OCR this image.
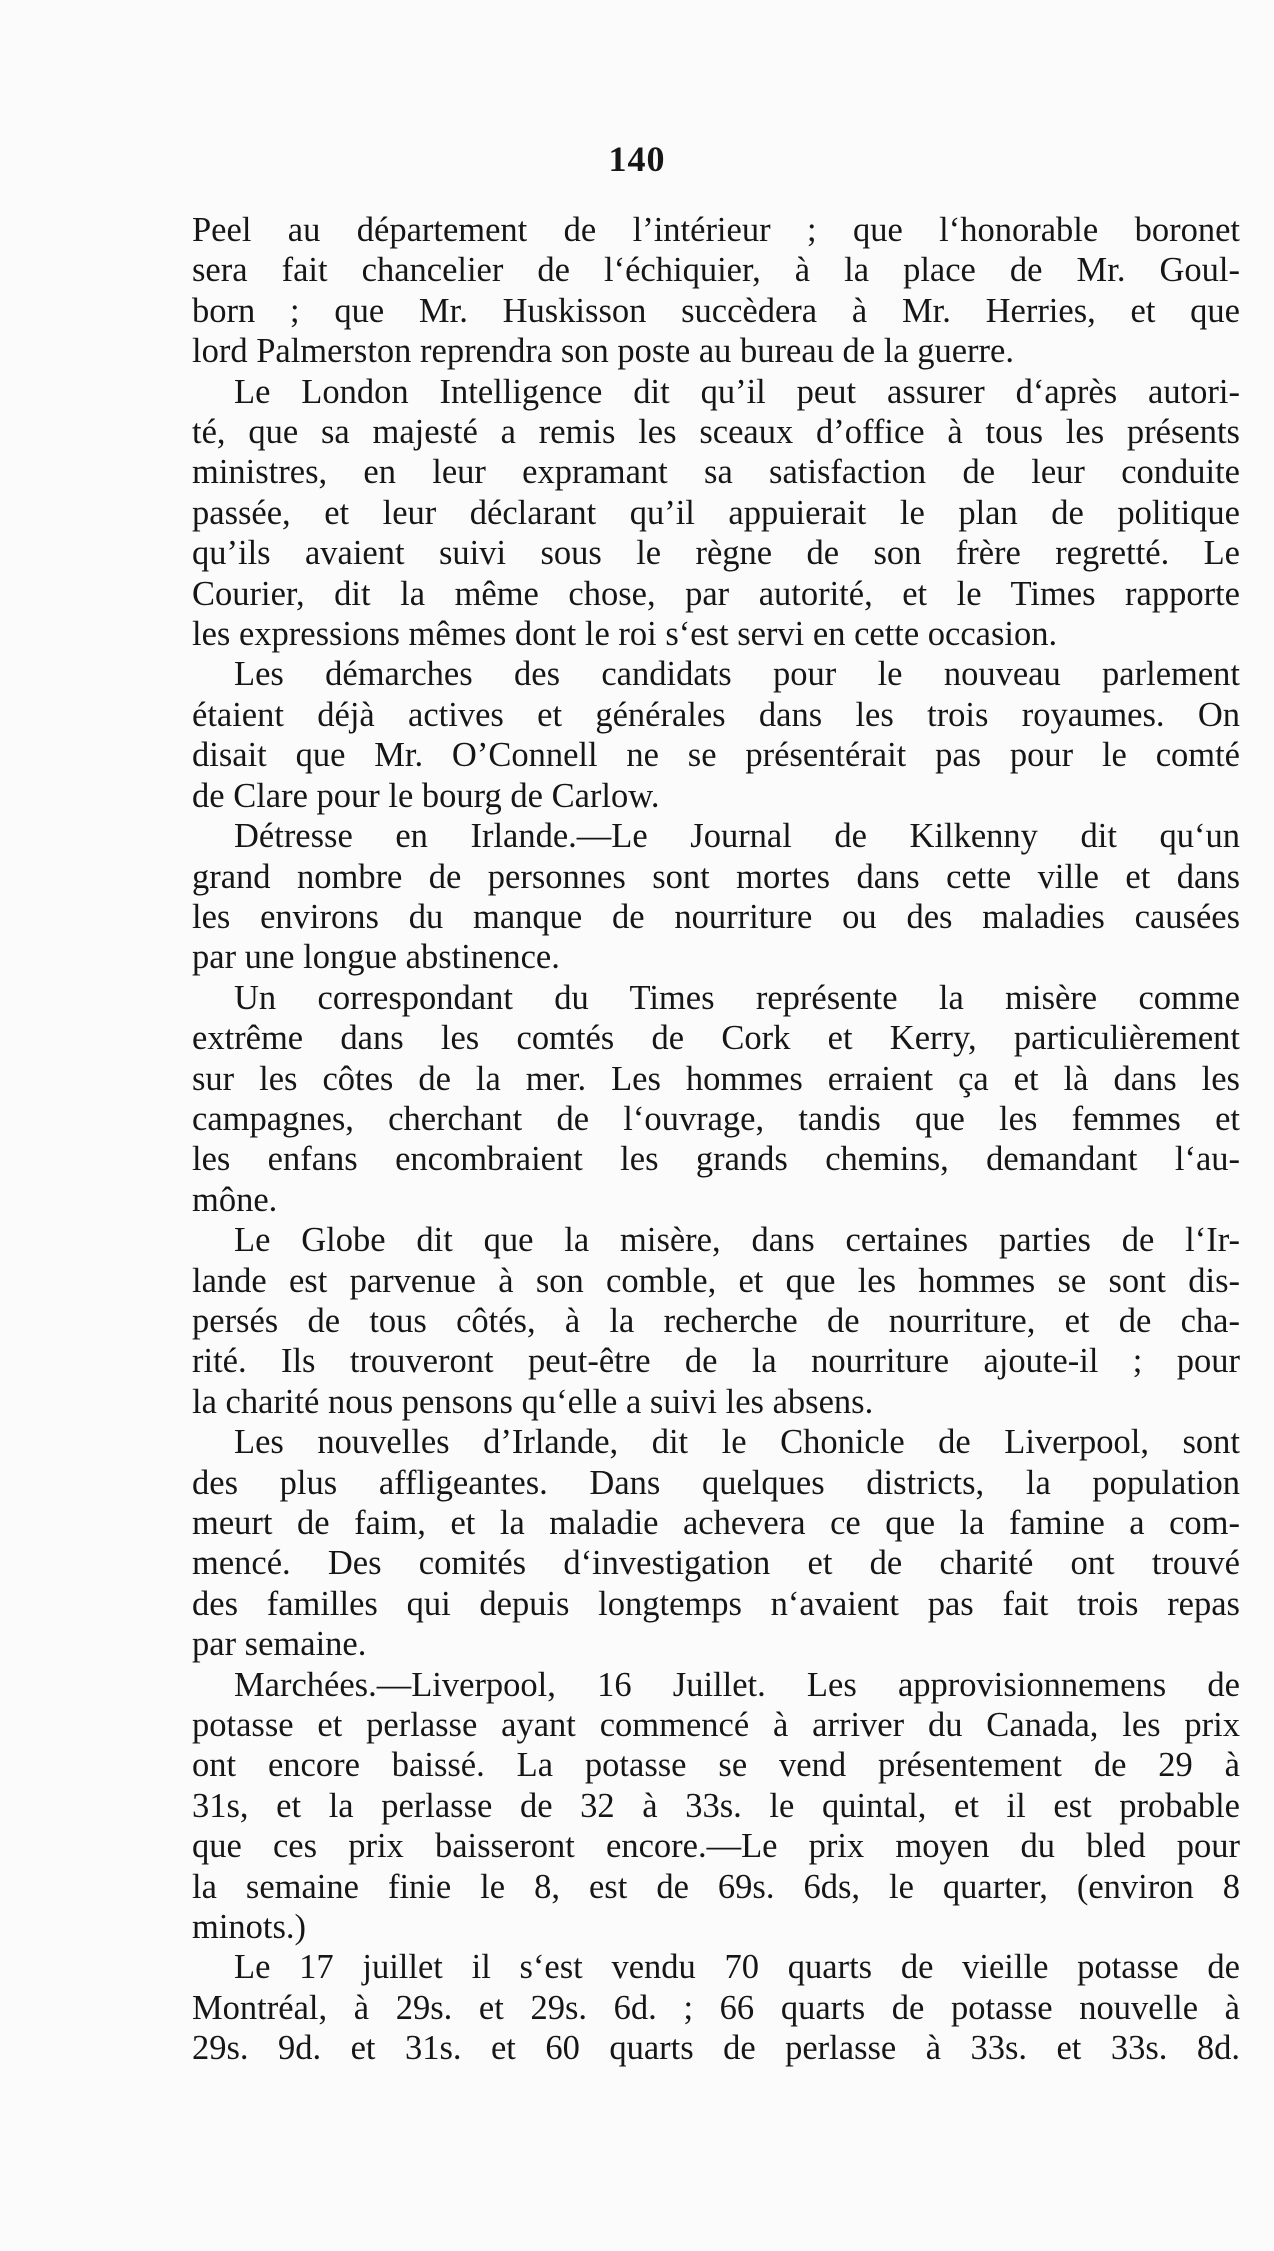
140

Peel au département de l’intérieur ; que l‘honorable boronet
sera fait chancelier de l‘échiquier, à la place de Mr. Goul-
born ; que Mr. Huskisson succèdera à Mr. Herries, et que
lord Palmerston reprendra son poste au bureau de la guerre.

Le London Intelligence dit qu’il peut assurer d‘après autori-
té, que sa majesté a remis les sceaux d’office à tous les présents
ministres, en leur expramant sa satisfaction de leur conduite
passée, et leur déclarant qu’il appuierait le plan de politique
qu’ils avaient suivi sous le règne de son frère regretté. Le
Courier, dit la même chose, par autorité, et le Times rapporte
les expressions mêmes dont le roi s‘est servi en cette occasion.

Les démarches des candidats pour le nouveau parlement
étaient déjà actives et générales dans les trois royaumes. On
disait que Mr. O’Connell ne se présentérait pas pour le comté
de Clare pour le bourg de Carlow.

Détresse en Irlande.—Le Journal de Kilkenny dit qu‘un
grand nombre de personnes sont mortes dans cette ville et dans
les environs du manque de nourriture ou des maladies causées
par une longue abstinence.

Un correspondant du Times représente la misère comme
extrême dans les comtés de Cork et Kerry, particulièrement
sur les côtes de la mer. Les hommes erraient ça et là dans les
campagnes, cherchant de l‘ouvrage, tandis que les femmes et
les enfans encombraient les grands chemins, demandant l‘au-
mône.

Le Globe dit que la misère, dans certaines parties de l‘Ir-
lande est parvenue à son comble, et que les hommes se sont dis-
persés de tous côtés, à la recherche de nourriture, et de cha-
rité. Ils trouveront peut-être de la nourriture ajoute-il ; pour
la charité nous pensons qu‘elle a suivi les absens.

Les nouvelles d’Irlande, dit le Chonicle de Liverpool, sont
des plus affligeantes. Dans quelques districts, la population
meurt de faim, et la maladie achevera ce que la famine a com-
mencé. Des comités d‘investigation et de charité ont trouvé
des familles qui depuis longtemps n‘avaient pas fait trois repas
par semaine.

Marchées.—Liverpool, 16 Juillet. Les approvisionnemens de
potasse et perlasse ayant commencé à arriver du Canada, les prix
ont encore baissé. La potasse se vend présentement de 29 à
31s, et la perlasse de 32 à 33s. le quintal, et il est probable
que ces prix baisseront encore.—Le prix moyen du bled pour
la semaine finie le 8, est de 69s. 6ds, le quarter, (environ 8
minots.)

Le 17 juillet il s‘est vendu 70 quarts de vieille potasse de
Montréal, à 29s. et 29s. 6d. ; 66 quarts de potasse nouvelle à
29s. 9d. et 31s. et 60 quarts de perlasse à 33s. et 33s. 8d.
